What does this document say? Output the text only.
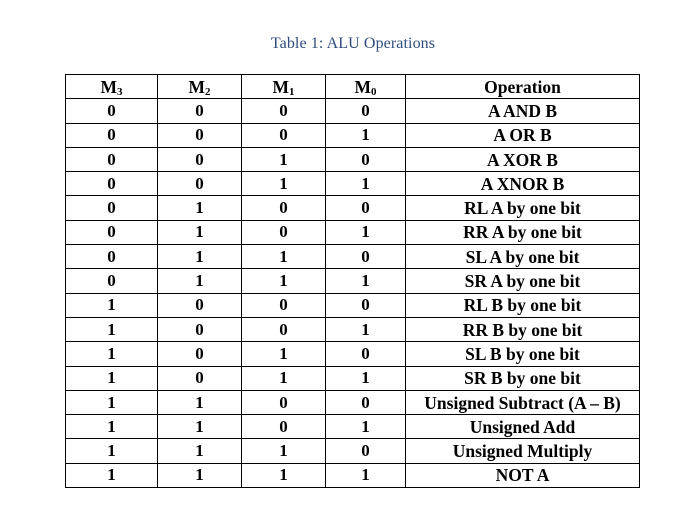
Table 1: ALU Operations
$M_3$	$M_2$	$M_1$	$M_0$	Operation
0	0	0	0	A AND B
0	0	0	1	A OR B
0	0	1	0	A XOR B
0	0	1	1	A XNOR B
0	1	0	0	RL A by one bit
0	1	0	1	RR A by one bit
0	1	1	0	SL A by one bit
0	1	1	1	SR A by one bit
1	0	0	0	RL B by one bit
1	0	0	1	RR B by one bit
1	0	1	0	SL B by one bit
1	0	1	1	SR B by one bit
1	1	0	0	Unsigned Subtract (A – B)
1	1	0	1	Unsigned Add
1	1	1	0	Unsigned Multiply
1	1	1	1	NOT A
